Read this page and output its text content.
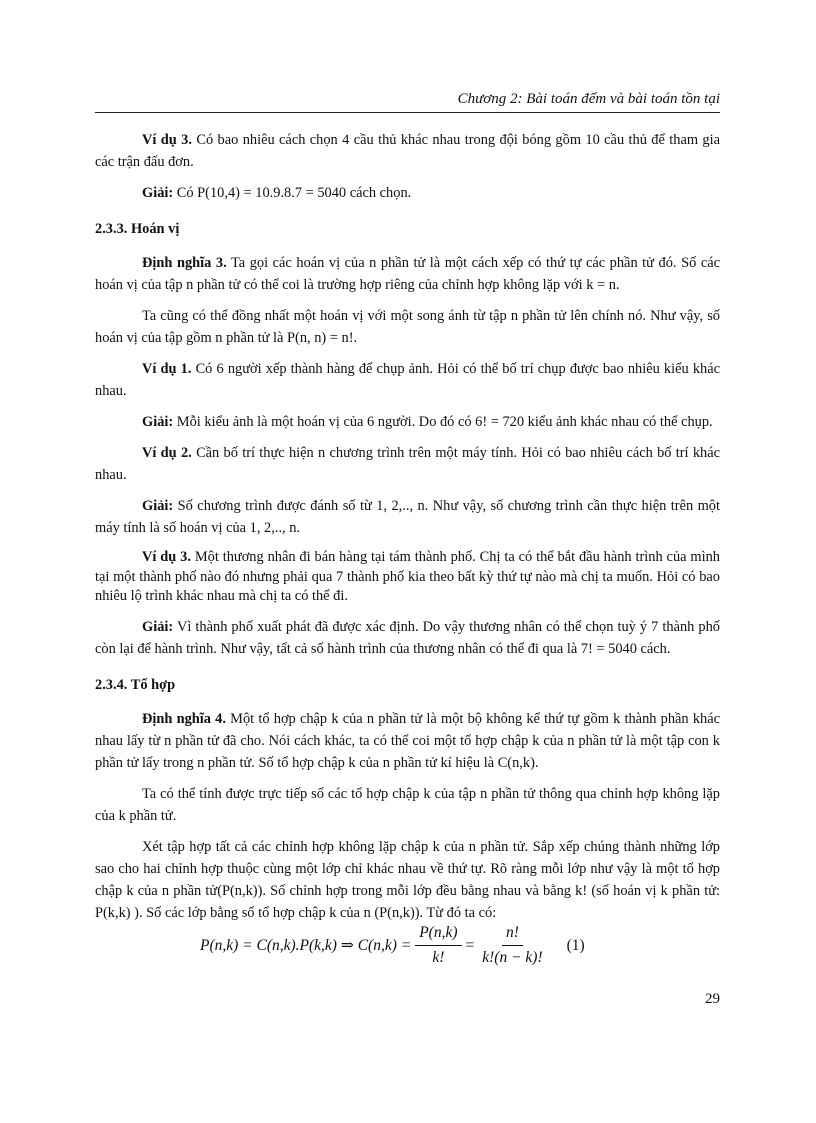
Chương 2: Bài toán đếm và bài toán tồn tại

Ví dụ 3. Có bao nhiêu cách chọn 4 cầu thủ khác nhau trong đội bóng gồm 10 cầu thủ để tham gia các trận đấu đơn.

Giải: Có P(10,4) = 10.9.8.7 = 5040 cách chọn.

2.3.3. Hoán vị

Định nghĩa 3. Ta gọi các hoán vị của n phần tử là một cách xếp có thứ tự các phần tử đó. Số các hoán vị của tập n phần tử có thể coi là trường hợp riêng của chỉnh hợp không lặp với k = n.

Ta cũng có thể đồng nhất một hoán vị với một song ánh từ tập n phần tử lên chính nó. Như vậy, số hoán vị của tập gồm n phần tử là P(n, n) = n!.

Ví dụ 1. Có 6 người xếp thành hàng để chụp ảnh. Hỏi có thể bố trí chụp được bao nhiêu kiểu khác nhau.

Giải: Mỗi kiểu ảnh là một hoán vị của 6 người. Do đó có 6! = 720 kiểu ảnh khác nhau có thể chụp.

Ví dụ 2. Cần bố trí thực hiện n chương trình trên một máy tính. Hỏi có bao nhiêu cách bố trí khác nhau.

Giải: Số chương trình được đánh số từ 1, 2,.., n. Như vậy, số chương trình cần thực hiện trên một máy tính là số hoán vị của 1, 2,.., n.

Ví dụ 3. Một thương nhân đi bán hàng tại tám thành phố. Chị ta có thể bắt đầu hành trình của mình tại một thành phố nào đó nhưng phải qua 7 thành phố kia theo bất kỳ thứ tự nào mà chị ta muốn. Hỏi có bao nhiêu lộ trình khác nhau mà chị ta có thể đi.

Giải: Vì thành phố xuất phát đã được xác định. Do vậy thương nhân có thể chọn tuỳ ý 7 thành phố còn lại để hành trình. Như vậy, tất cả số hành trình của thương nhân có thể đi qua là 7! = 5040 cách.

2.3.4. Tổ hợp

Định nghĩa 4. Một tổ hợp chập k của n phần tử là một bộ không kể thứ tự gồm k thành phần khác nhau lấy từ n phần tử đã cho. Nói cách khác, ta có thể coi một tổ hợp chập k của n phần tử là một tập con k phần tử lấy trong n phần tử. Số tổ hợp chập k của n phần tử kí hiệu là C(n,k).

Ta có thể tính được trực tiếp số các tổ hợp chập k của tập n phần tử thông qua chỉnh hợp không lặp của k phần tử.

Xét tập hợp tất cả các chỉnh hợp không lặp chập k của n phần tử. Sắp xếp chúng thành những lớp sao cho hai chỉnh hợp thuộc cùng một lớp chỉ khác nhau về thứ tự. Rõ ràng mỗi lớp như vậy là một tổ hợp chập k của n phần tử(P(n,k)). Số chỉnh hợp trong mỗi lớp đều bằng nhau và bằng k! (số hoán vị k phần tử: P(k,k) ). Số các lớp bằng số tổ hợp chập k của n (P(n,k)). Từ đó ta có:

P(n,k) = C(n,k).P(k,k) ⇒ $C(n,k) = \frac{P(n,k)}{k!} = \frac{n!}{k!(n - k)!} (1)$
29
